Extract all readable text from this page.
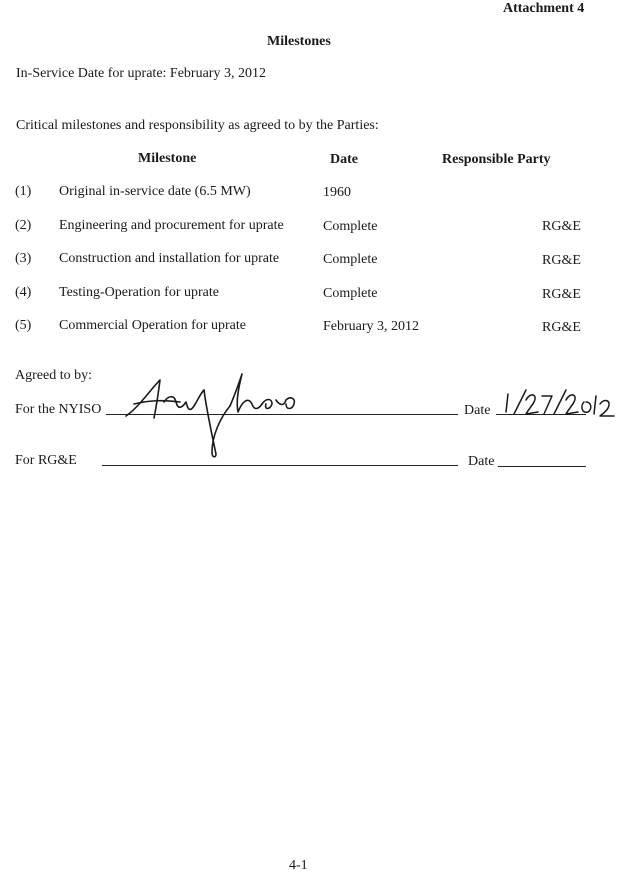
Attachment 4
Milestones
In-Service Date for uprate: February 3, 2012
Critical milestones and responsibility as agreed to by the Parties:
Milestone	Date	Responsible Party
(1) Original in-service date (6.5 MW)	1960
(2) Engineering and procurement for uprate	Complete	RG&E
(3) Construction and installation for uprate	Complete	RG&E
(4) Testing-Operation for uprate	Complete	RG&E
(5) Commercial Operation for uprate	February 3, 2012	RG&E
Agreed to by:
For the NYISO	Date
For RG&E	Date
4-1
